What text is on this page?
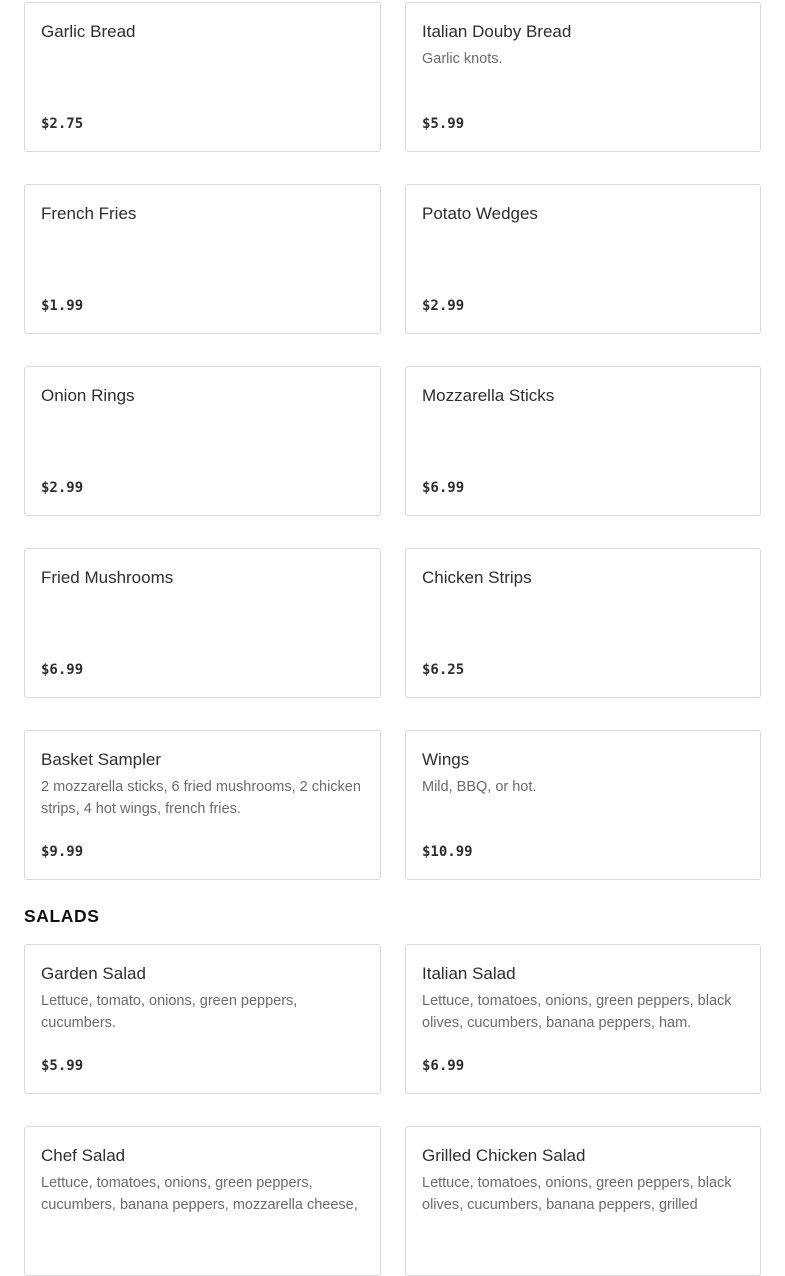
Garlic Bread
$2.75
Italian Douby Bread
Garlic knots.
$5.99
French Fries
$1.99
Potato Wedges
$2.99
Onion Rings
$2.99
Mozzarella Sticks
$6.99
Fried Mushrooms
$6.99
Chicken Strips
$6.25
Basket Sampler
2 mozzarella sticks, 6 fried mushrooms, 2 chicken strips, 4 hot wings, french fries.
$9.99
Wings
Mild, BBQ, or hot.
$10.99
SALADS
Garden Salad
Lettuce, tomato, onions, green peppers, cucumbers.
$5.99
Italian Salad
Lettuce, tomatoes, onions, green peppers, black olives, cucumbers, banana peppers, ham.
$6.99
Chef Salad
Lettuce, tomatoes, onions, green peppers, cucumbers, banana peppers, mozzarella cheese,
Grilled Chicken Salad
Lettuce, tomatoes, onions, green peppers, black olives, cucumbers, banana peppers, grilled
